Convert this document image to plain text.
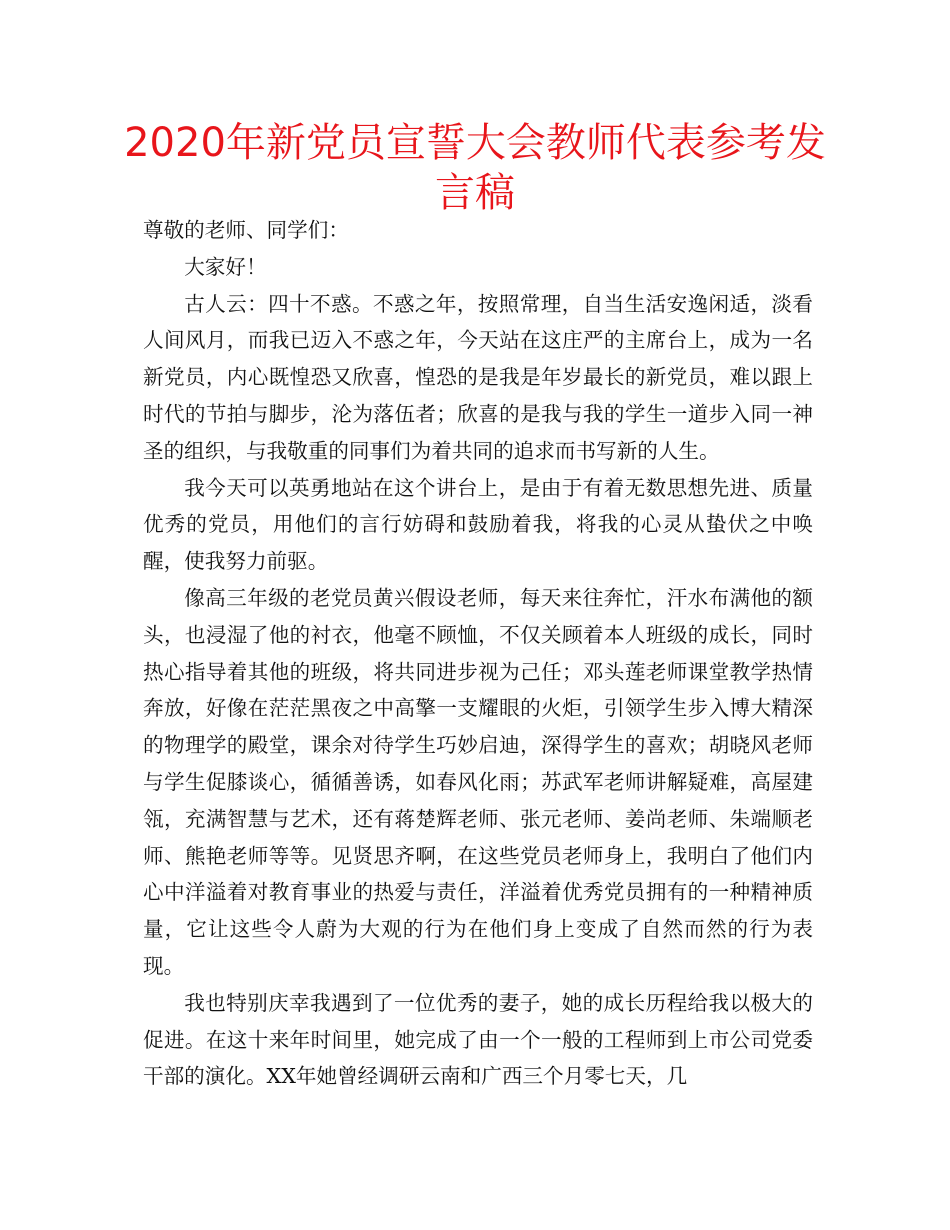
2020年新党员宣誓大会教师代表参考发言稿

尊敬的老师、同学们：

大家好！

古人云：四十不惑。不惑之年，按照常理，自当生活安逸闲适，淡看人间风月，而我已迈入不惑之年，今天站在这庄严的主席台上，成为一名新党员，内心既惶恐又欣喜，惶恐的是我是年岁最长的新党员，难以跟上时代的节拍与脚步，沦为落伍者；欣喜的是我与我的学生一道步入同一神圣的组织，与我敬重的同事们为着共同的追求而书写新的人生。

我今天可以英勇地站在这个讲台上，是由于有着无数思想先进、质量优秀的党员，用他们的言行妨碍和鼓励着我，将我的心灵从蛰伏之中唤醒，使我努力前驱。

像高三年级的老党员黄兴假设老师，每天来往奔忙，汗水布满他的额头，也浸湿了他的衬衣，他毫不顾恤，不仅关顾着本人班级的成长，同时热心指导着其他的班级，将共同进步视为己任；邓头莲老师课堂教学热情奔放，好像在茫茫黑夜之中高擎一支耀眼的火炬，引领学生步入博大精深的物理学的殿堂，课余对待学生巧妙启迪，深得学生的喜欢；胡晓风老师与学生促膝谈心，循循善诱，如春风化雨；苏武军老师讲解疑难，高屋建瓴，充满智慧与艺术，还有蒋楚辉老师、张元老师、姜尚老师、朱端顺老师、熊艳老师等等。见贤思齐啊，在这些党员老师身上，我明白了他们内心中洋溢着对教育事业的热爱与责任，洋溢着优秀党员拥有的一种精神质量，它让这些令人蔚为大观的行为在他们身上变成了自然而然的行为表现。

我也特别庆幸我遇到了一位优秀的妻子，她的成长历程给我以极大的促进。在这十来年时间里，她完成了由一个一般的工程师到上市公司党委干部的演化。XX年她曾经调研云南和广西三个月零七天，几
